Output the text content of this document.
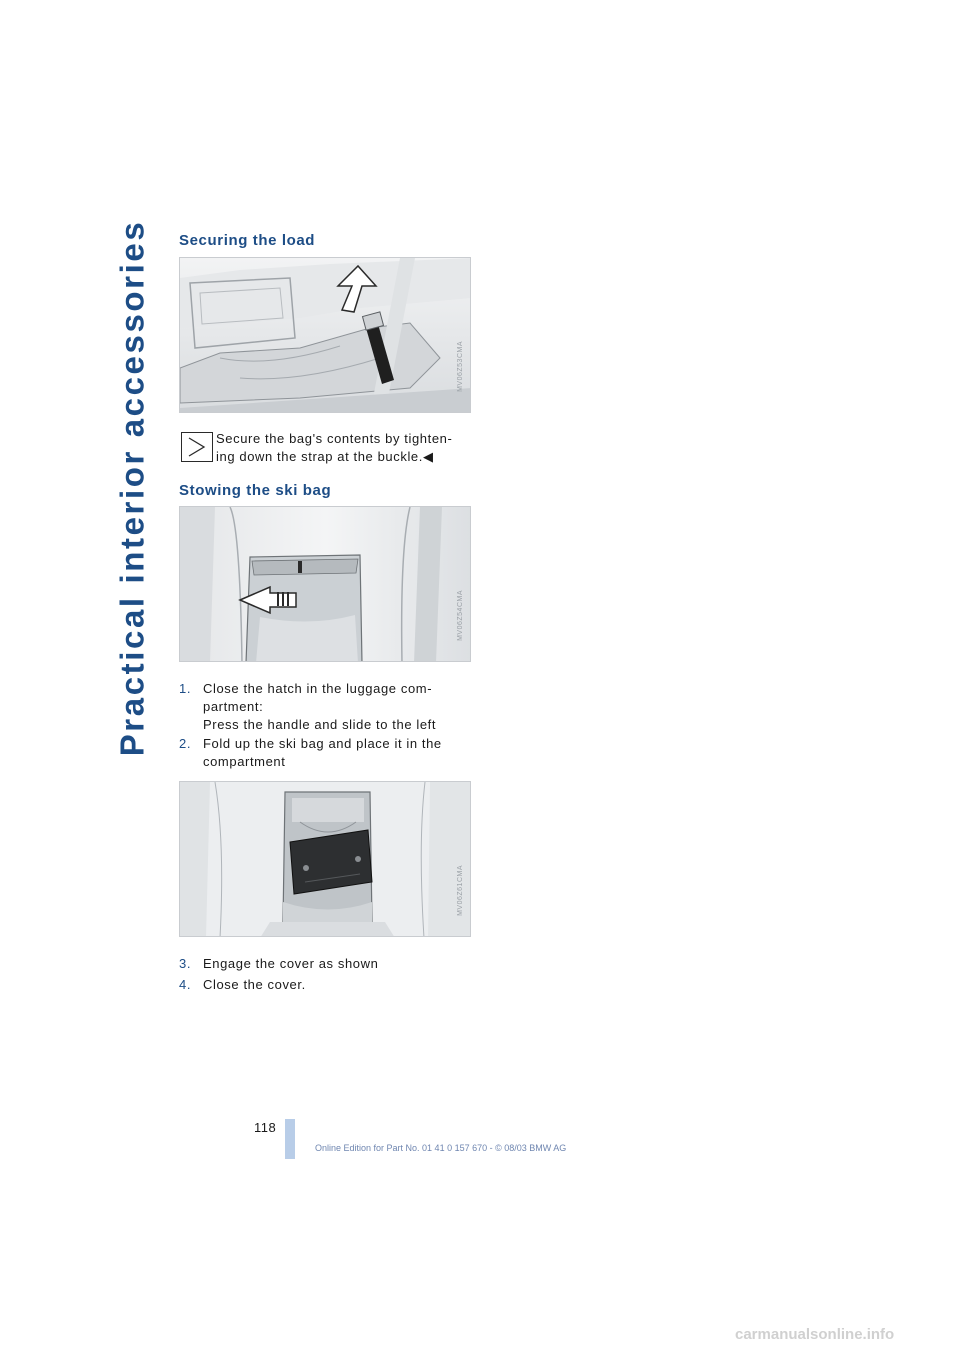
Practical interior accessories Securing the load
MV06Z53CMA
Secure the bag's contents by tighten-
ing down the strap at the buckle.◀
Stowing the ski bag
MV06Z54CMA
1. Close the hatch in the luggage com-
partment:
Press the handle and slide to the left
2. Fold up the ski bag and place it in the
compartment
MV06Z61CMA
3. Engage the cover as shown
4. Close the cover.
118
Online Edition for Part No. 01 41 0 157 670 - © 08/03 BMW AG
carmanualsonline.info
